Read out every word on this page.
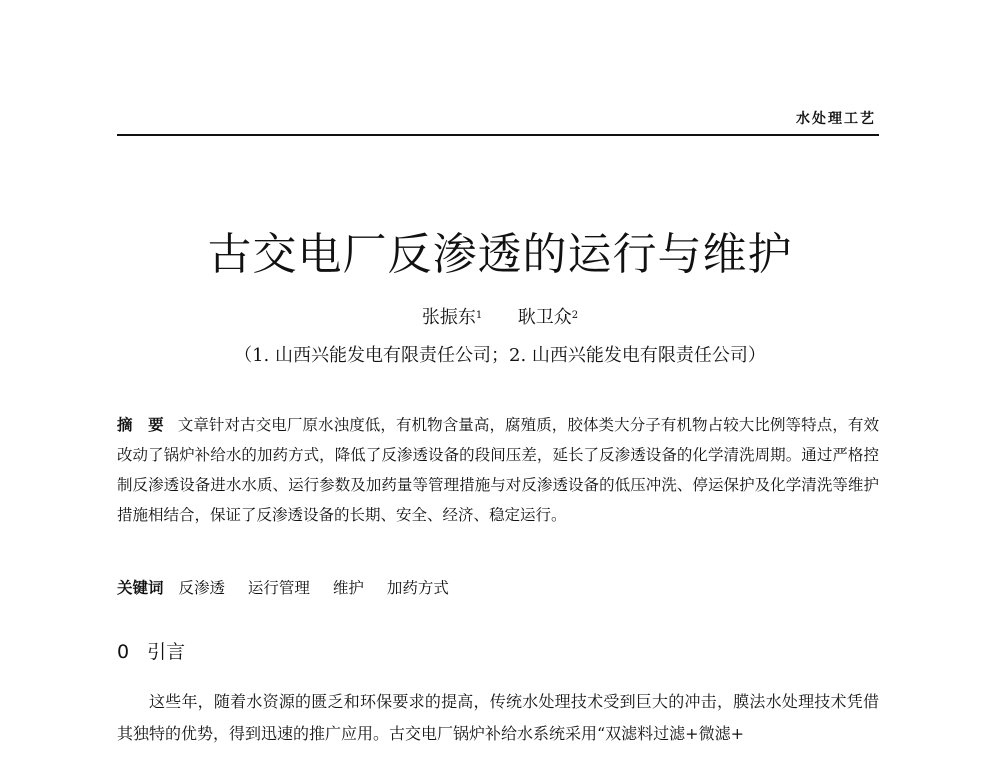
水处理工艺
古交电厂反渗透的运行与维护
张振东$^1$ 耿卫众$^2$
（1. 山西兴能发电有限责任公司；2. 山西兴能发电有限责任公司）
摘　要 文章针对古交电厂原水浊度低，有机物含量高，腐殖质，胶体类大分子有机物占较大比例等特点，有效改动了锅炉补给水的加药方式，降低了反渗透设备的段间压差，延长了反渗透设备的化学清洗周期。通过严格控制反渗透设备进水水质、运行参数及加药量等管理措施与对反渗透设备的低压冲洗、停运保护及化学清洗等维护措施相结合，保证了反渗透设备的长期、安全、经济、稳定运行。
关键词 反渗透 运行管理 维护 加药方式
0 引言
这些年，随着水资源的匮乏和环保要求的提高，传统水处理技术受到巨大的冲击，膜法水处理技术凭借其独特的优势，得到迅速的推广应用。古交电厂锅炉补给水系统采用“双滤料过滤+微滤+
